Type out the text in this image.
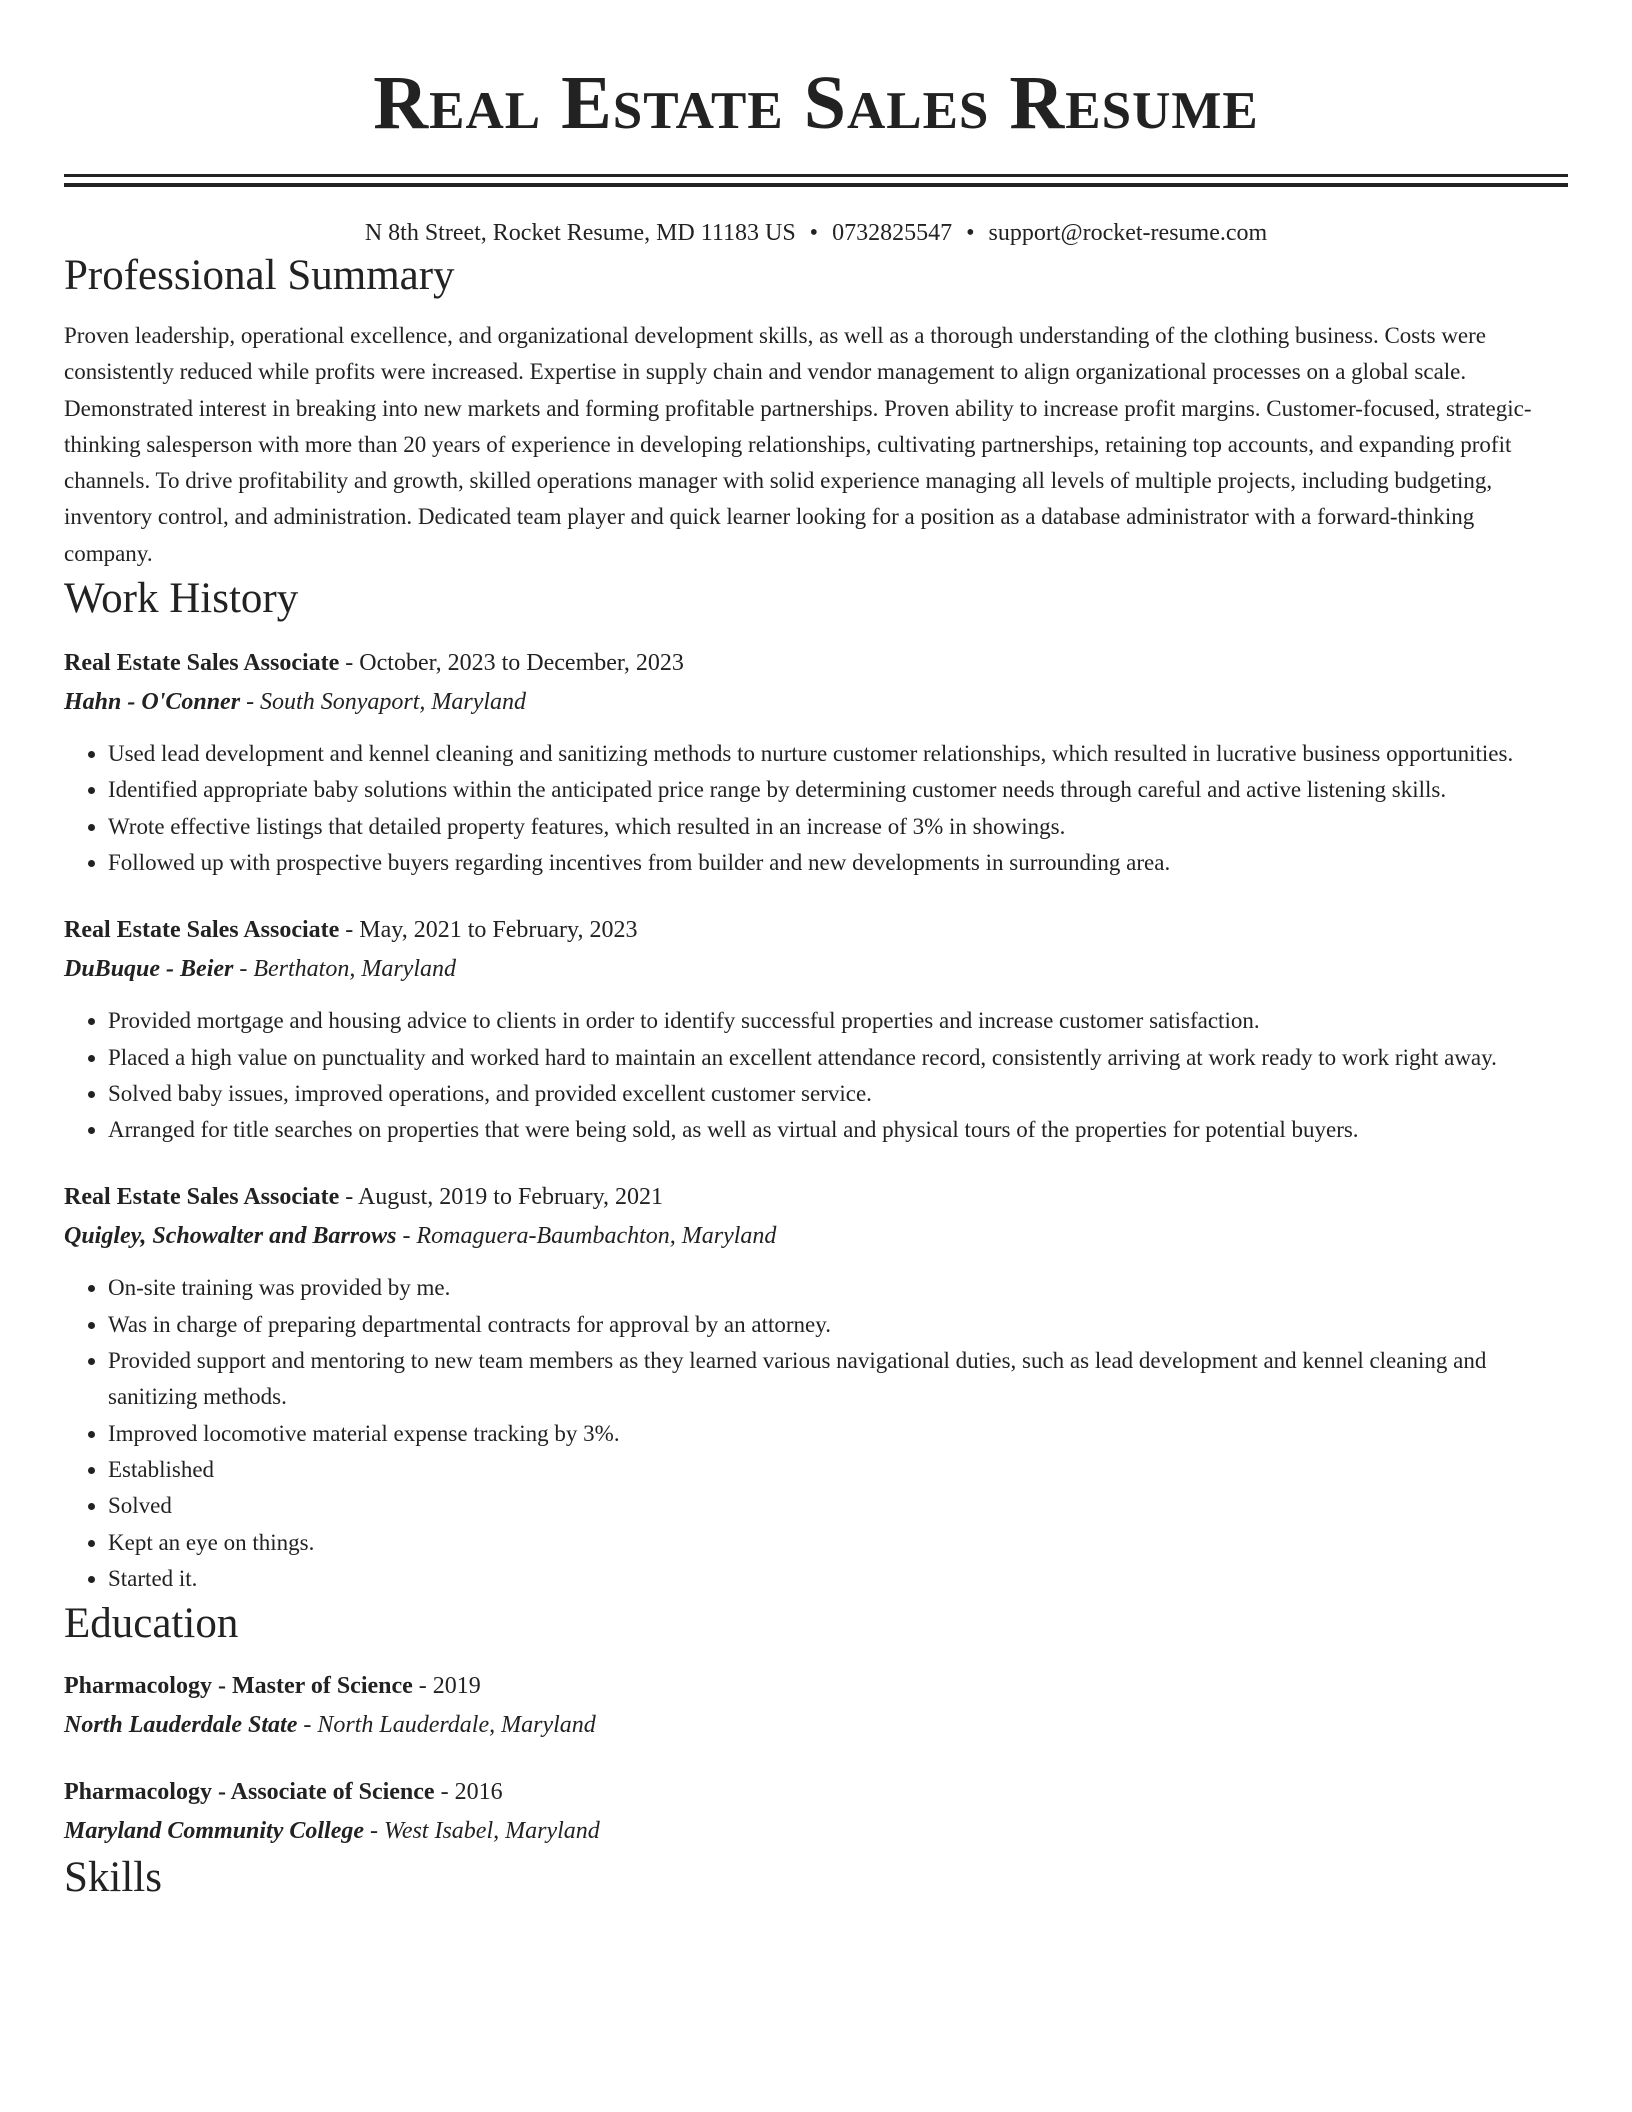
Real Estate Sales Resume
N 8th Street, Rocket Resume, MD 11183 US • 0732825547 • support@rocket-resume.com
Professional Summary

Proven leadership, operational excellence, and organizational development skills, as well as a thorough understanding of the clothing business. Costs were consistently reduced while profits were increased. Expertise in supply chain and vendor management to align organizational processes on a global scale. Demonstrated interest in breaking into new markets and forming profitable partnerships. Proven ability to increase profit margins. Customer-focused, strategic-thinking salesperson with more than 20 years of experience in developing relationships, cultivating partnerships, retaining top accounts, and expanding profit channels. To drive profitability and growth, skilled operations manager with solid experience managing all levels of multiple projects, including budgeting, inventory control, and administration. Dedicated team player and quick learner looking for a position as a database administrator with a forward-thinking company.

Work History
Real Estate Sales Associate - October, 2023 to December, 2023
Hahn - O'Conner - South Sonyaport, Maryland
• Used lead development and kennel cleaning and sanitizing methods to nurture customer relationships, which resulted in lucrative business opportunities.
• Identified appropriate baby solutions within the anticipated price range by determining customer needs through careful and active listening skills.
• Wrote effective listings that detailed property features, which resulted in an increase of 3% in showings.
• Followed up with prospective buyers regarding incentives from builder and new developments in surrounding area.
Real Estate Sales Associate - May, 2021 to February, 2023
DuBuque - Beier - Berthaton, Maryland
• Provided mortgage and housing advice to clients in order to identify successful properties and increase customer satisfaction.
• Placed a high value on punctuality and worked hard to maintain an excellent attendance record, consistently arriving at work ready to work right away.
• Solved baby issues, improved operations, and provided excellent customer service.
• Arranged for title searches on properties that were being sold, as well as virtual and physical tours of the properties for potential buyers.
Real Estate Sales Associate - August, 2019 to February, 2021
Quigley, Schowalter and Barrows - Romaguera-Baumbachton, Maryland
• On-site training was provided by me.
• Was in charge of preparing departmental contracts for approval by an attorney.
• Provided support and mentoring to new team members as they learned various navigational duties, such as lead development and kennel cleaning and sanitizing methods.
• Improved locomotive material expense tracking by 3%.
• Established
• Solved
• Kept an eye on things.
• Started it.
Education
Pharmacology - Master of Science - 2019
North Lauderdale State - North Lauderdale, Maryland
Pharmacology - Associate of Science - 2016
Maryland Community College - West Isabel, Maryland
Skills
